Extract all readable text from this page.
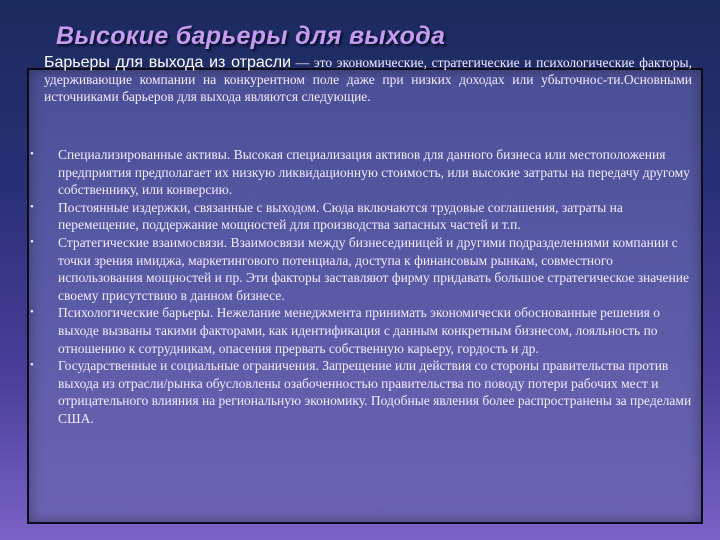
Высокие барьеры для выхода
Барьеры для выхода из отрасли — это экономические, стратегические и психологические факторы, удерживающие компании на конкурентном поле даже при низких доходах или убыточнос-ти.Основными источниками барьеров для выхода являются следующие.
• Специализированные активы. Высокая специализация активов для данного бизнеса или местоположения предприятия предполагает их низкую ликвидационную стоимость, или высокие затраты на передачу другому собственнику, или конверсию.
• Постоянные издержки, связанные с выходом. Сюда включаются трудовые соглашения, затраты на перемещение, поддержание мощностей для производства запасных частей и т.п.
• Стратегические взаимосвязи. Взаимосвязи между бизнесединицей и другими подразделениями компании с точки зрения имиджа, маркетингового потенциала, доступа к финансовым рынкам, совместного использования мощностей и пр. Эти факторы заставляют фирму придавать большое стратегическое значение своему присутствию в данном бизнесе.
• Психологические барьеры. Нежелание менеджмента принимать экономически обоснованные решения о выходе вызваны такими факторами, как идентификация с данным конкретным бизнесом, лояльность по отношению к сотрудникам, опасения прервать собственную карьеру, гордость и др.
• Государственные и социальные ограничения. Запрещение или действия со стороны правительства против выхода из отрасли/рынка обусловлены озабоченностью правительства по поводу потери рабочих мест и отрицательного влияния на региональную экономику. Подобные явления более распространены за пределами США.
